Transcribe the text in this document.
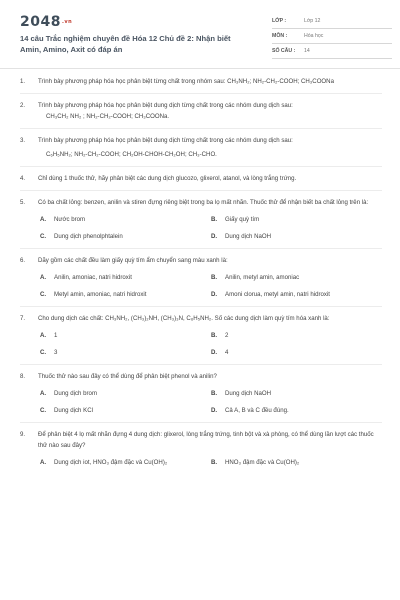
2048.vn
14 câu Trắc nghiệm chuyên đề Hóa 12 Chủ đề 2: Nhận biết Amin, Amino, Axit có đáp án
LỚP :	Lớp 12
MÔN :	Hóa học
SỐ CÂU : 14
1. Trình bày phương pháp hóa học phân biệt từng chất trong nhóm sau: CH₃NH₂; NH₂-CH₂-COOH; CH₃COONa
2. Trình bày phương pháp hóa học phân biệt dung dịch từng chất trong các nhóm dung dịch sau:
CH₃CH₂ NH₂ ; NH₂-CH₂-COOH; CH₃COONa.
3. Trình bày phương pháp hóa học phân biệt dung dịch từng chất trong các nhóm dung dịch sau:
C₆H₅NH₂; NH₂-CH₂-COOH; CH₂OH-CHOH-CH₂OH; CH₃-CHO.
4. Chỉ dùng 1 thuốc thử, hãy phân biệt các dung dịch glucozo, glixerol, atanol, và lòng trắng trứng.
5. Có ba chất lỏng: benzen, anilin và stiren đựng riêng biệt trong ba lọ mất nhãn. Thuốc thử để nhận biết ba chất lỏng trên là:
A. Nước brom	B. Giấy quỳ tím
C. Dung dịch phenolphtalein	D. Dung dịch NaOH
6. Dãy gồm các chất đều làm giấy quỳ tím ẩm chuyển sang màu xanh là:
A. Anilin, amoniac, natri hidroxit	B. Anilin, metyl amin, amoniac
C. Metyl amin, amoniac, natri hidroxit	D. Amoni clorua, metyl amin, natri hidroxit
7. Cho dung dịch các chất: CH₃NH₂, (CH₃)₂NH, (CH₃)₃N, C₆H₅NH₂. Số các dung dịch làm quỳ tím hóa xanh là:
A. 1	B. 2
C. 3	D. 4
8. Thuốc thử nào sau đây có thể dùng để phân biệt phenol và anilin?
A. Dung dịch brom	B. Dung dịch NaOH
C. Dung dịch KCl	D. Cả A, B và C đều đúng.
9. Để phân biệt 4 lọ mất nhãn đựng 4 dung dịch: glixerol, lòng trắng trứng, tinh bột và xà phòng, có thể dùng lần lượt các thuốc thử nào sau đây?
A. Dung dịch iot, HNO₃ đậm đặc và Cu(OH)₂	B. HNO₃ đậm đặc và Cu(OH)₂
